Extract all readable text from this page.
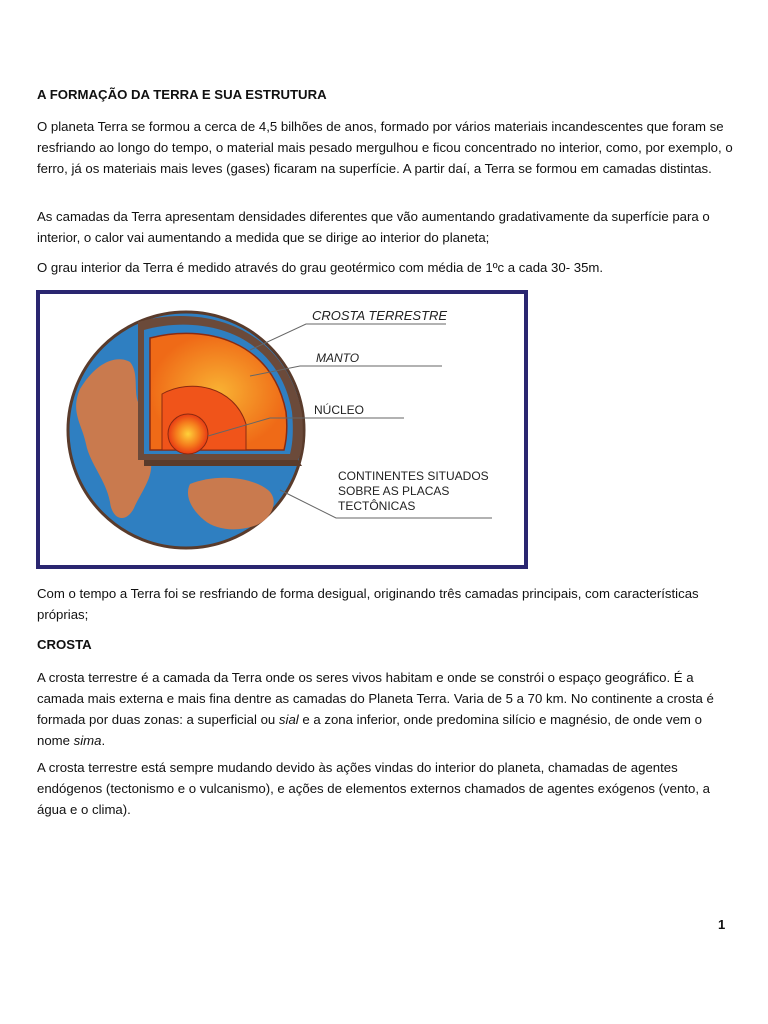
A FORMAÇÃO DA TERRA E SUA ESTRUTURA

O planeta Terra se formou a cerca de 4,5 bilhões de anos, formado por vários materiais incandescentes que foram se resfriando ao longo do tempo, o material mais pesado mergulhou e ficou concentrado no interior, como, por exemplo, o ferro, já os materiais mais leves (gases) ficaram na superfície. A partir daí, a Terra se formou em camadas distintas.

As camadas da Terra apresentam densidades diferentes que vão aumentando gradativamente da superfície para o interior, o calor vai aumentando a medida que se dirige ao interior do planeta;

O grau interior da Terra é medido através do grau geotérmico com média de 1ºc a cada 30- 35m.

CROSTA TERRESTRE
MANTO
NÚCLEO
CONTINENTES SITUADOS
SOBRE AS PLACAS
TECTÔNICAS

Com o tempo a Terra foi se resfriando de forma desigual, originando três camadas principais, com características próprias;

CROSTA

A crosta terrestre é a camada da Terra onde os seres vivos habitam e onde se constrói o espaço geográfico. É a camada mais externa e mais fina dentre as camadas do Planeta Terra. Varia de 5 a 70 km. No continente a crosta é formada por duas zonas: a superficial ou sial e a zona inferior, onde predomina silício e magnésio, de onde vem o nome sima.

A crosta terrestre está sempre mudando devido às ações vindas do interior do planeta, chamadas de agentes endógenos (tectonismo e o vulcanismo), e ações de elementos externos chamados de agentes exógenos (vento, a água e o clima).

1
